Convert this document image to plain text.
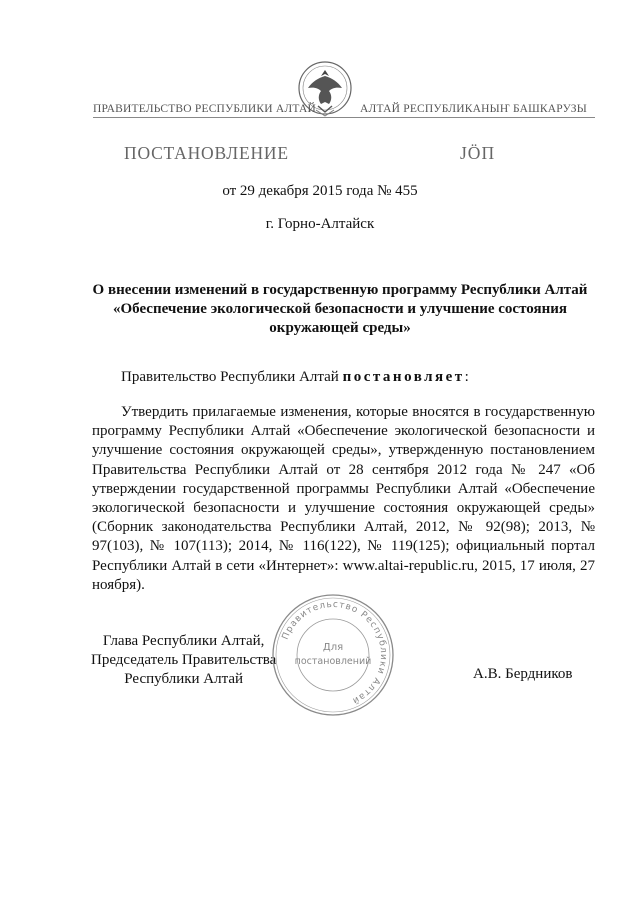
ПРАВИТЕЛЬСТВО РЕСПУБЛИКИ АЛТАЙ	АЛТАЙ РЕСПУБЛИКАНЫҤ БАШКАРУЗЫ
ПОСТАНОВЛЕНИЕ	JӦП
от 29 декабря 2015 года № 455
г. Горно-Алтайск
О внесении изменений в государственную программу Республики Алтай
«Обеспечение экологической безопасности и улучшение состояния
окружающей среды»
Правительство Республики Алтай постановляет:
Утвердить прилагаемые изменения, которые вносятся в государственную программу Республики Алтай «Обеспечение экологической безопасности и улучшение состояния окружающей среды», утвержденную постановлением Правительства Республики Алтай от 28 сентября 2012 года № 247 «Об утверждении государственной программы Республики Алтай «Обеспечение экологической безопасности и улучшение состояния окружающей среды» (Сборник законодательства Республики Алтай, 2012, № 92(98); 2013, № 97(103), № 107(113); 2014, № 116(122), № 119(125); официальный портал Республики Алтай в сети «Интернет»: www.altai-republic.ru, 2015, 17 июля, 27 ноября).
Глава Республики Алтай,
Председатель Правительства
Республики Алтай	А.В. Бердников
Правительство Республики Алтай
Для
постановлений
